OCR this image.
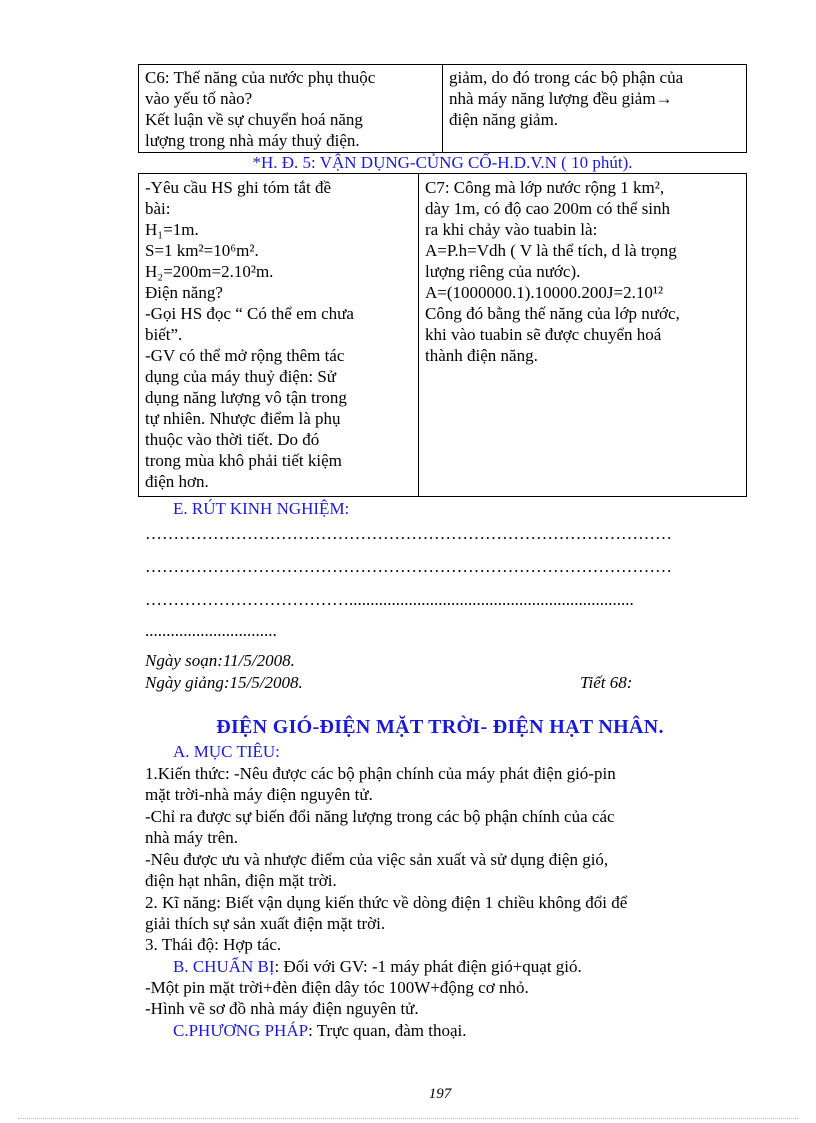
C6: Thế năng của nước phụ thuộc
vào yếu tố nào?
Kết luận về sự chuyển hoá năng
lượng trong nhà máy thuỷ điện.
giảm, do đó trong các bộ phận của
nhà máy năng lượng đều giảm→
điện năng giảm.
*H. Đ. 5: VẬN DỤNG-CỦNG CỐ-H.D.V.N ( 10 phút).
-Yêu cầu HS ghi tóm tắt đề
bài:
H₁=1m.
S=1 km²=10⁶m².
H₂=200m=2.10²m.
Điện năng?
-Gọi HS đọc “ Có thể em chưa
biết”.
-GV có thể mở rộng thêm tác
dụng của máy thuỷ điện: Sử
dụng năng lượng vô tận trong
tự nhiên. Nhược điểm là phụ
thuộc vào thời tiết. Do đó
trong mùa khô phải tiết kiệm
điện hơn.
C7: Công mà lớp nước rộng 1 km²,
dày 1m, có độ cao 200m có thể sinh
ra khi chảy vào tuabin là:
A=P.h=Vdh ( V là thể tích, d là trọng
lượng riêng của nước).
A=(1000000.1).10000.200J=2.10¹²
Công đó bằng thế năng của lớp nước,
khi vào tuabin sẽ được chuyển hoá
thành điện năng.
E. RÚT KINH NGHIỆM:
…………………………………………………………………………………
…………………………………………………………………………………
………………………………...................................................................
...............................
Ngày soạn:11/5/2008.
Ngày giảng:15/5/2008.	Tiết 68:
ĐIỆN GIÓ-ĐIỆN MẶT TRỜI- ĐIỆN HẠT NHÂN.
A. MỤC TIÊU:
1.Kiến thức: -Nêu được các bộ phận chính của máy phát điện gió-pin
mặt trời-nhà máy điện nguyên tử.
-Chỉ ra được sự biến đổi năng lượng trong các bộ phận chính của các
nhà máy trên.
-Nêu được ưu và nhược điểm của việc sản xuất và sử dụng điện gió,
điện hạt nhân, điện mặt trời.
2. Kĩ năng: Biết vận dụng kiến thức về dòng điện 1 chiều không đổi để
giải thích sự sản xuất điện mặt trời.
3. Thái độ: Hợp tác.
B. CHUẨN BỊ: Đối với GV: -1 máy phát điện gió+quạt gió.
-Một pin mặt trời+đèn điện dây tóc 100W+động cơ nhỏ.
-Hình vẽ sơ đồ nhà máy điện nguyên tử.
C.PHƯƠNG PHÁP: Trực quan, đàm thoại.
197
